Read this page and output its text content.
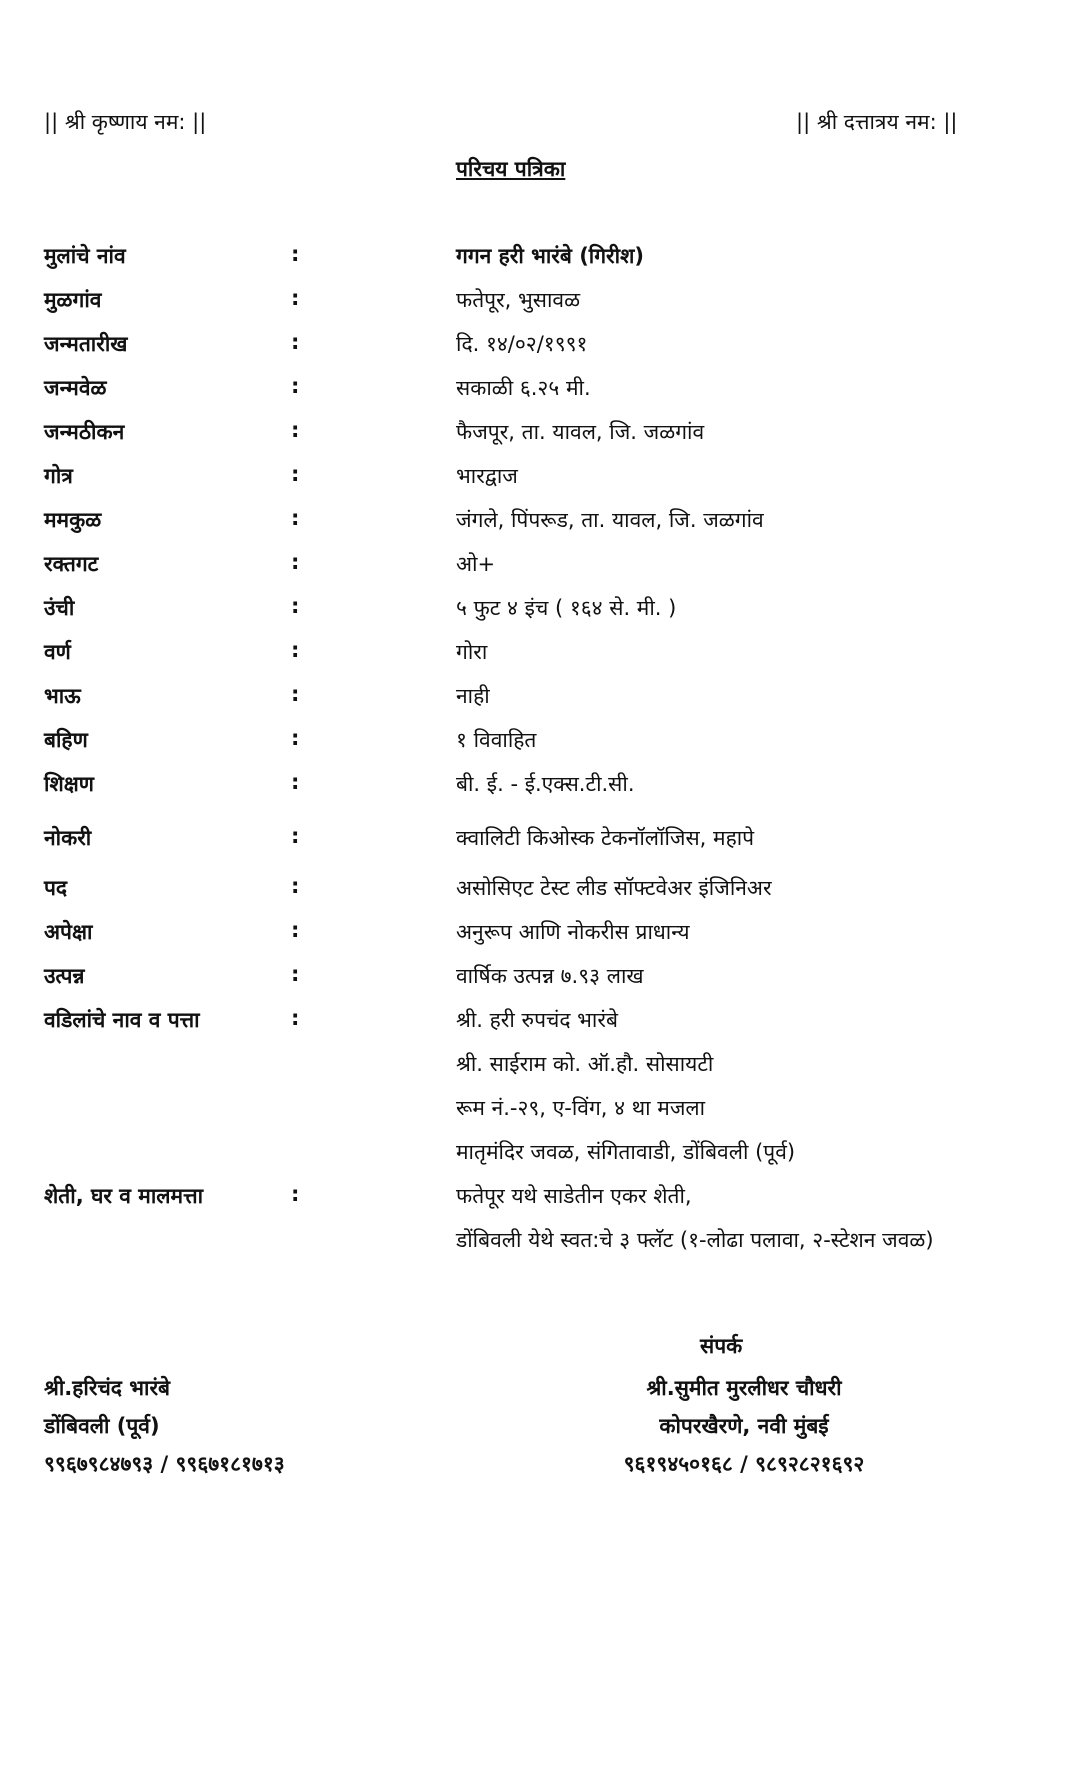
|| श्री कृष्णाय नम: ||	|| श्री दत्तात्रय नम: ||
परिचय पत्रिका
मुलांचे नांव	:	गगन हरी भारंबे (गिरीश)
मुळगांव	:	फतेपूर, भुसावळ
जन्मतारीख	:	दि. १४/०२/१९९१
जन्मवेळ	:	सकाळी ६.२५ मी.
जन्मठीकन	:	फैजपूर, ता. यावल, जि. जळगांव
गोत्र	:	भारद्वाज
ममकुळ	:	जंगले, पिंपरूड, ता. यावल, जि. जळगांव
रक्तगट	:	ओ+
उंची	:	५ फुट ४ इंच ( १६४ से. मी. )
वर्ण	:	गोरा
भाऊ	:	नाही
बहिण	:	१ विवाहित
शिक्षण	:	बी. ई. - ई.एक्स.टी.सी.
नोकरी	:	क्वालिटी किओस्क टेकनॉलॉजिस, महापे
पद	:	असोसिएट टेस्ट लीड सॉफ्टवेअर इंजिनिअर
अपेक्षा	:	अनुरूप आणि नोकरीस प्राधान्य
उत्पन्न	:	वार्षिक उत्पन्न ७.९३ लाख
वडिलांचे नाव व पत्ता	:	श्री. हरी रुपचंद भारंबे
श्री. साईराम को. ऑ.हौ. सोसायटी
रूम नं.-२९, ए-विंग, ४ था मजला
मातृमंदिर जवळ, संगितावाडी, डोंबिवली (पूर्व)
शेती, घर व मालमत्ता	:	फतेपूर यथे साडेतीन एकर शेती,
डोंबिवली येथे स्वत:चे ३ फ्लॅट (१-लोढा पलावा, २-स्टेशन जवळ)
संपर्क
श्री.हरिचंद भारंबे
डोंबिवली (पूर्व)
९९६७९८४७९३ / ९९६७१८१७१३
श्री.सुमीत मुरलीधर चौधरी
कोपरखैरणे, नवी मुंबई
९६१९४५०१६८ / ९८९२८२१६९२
